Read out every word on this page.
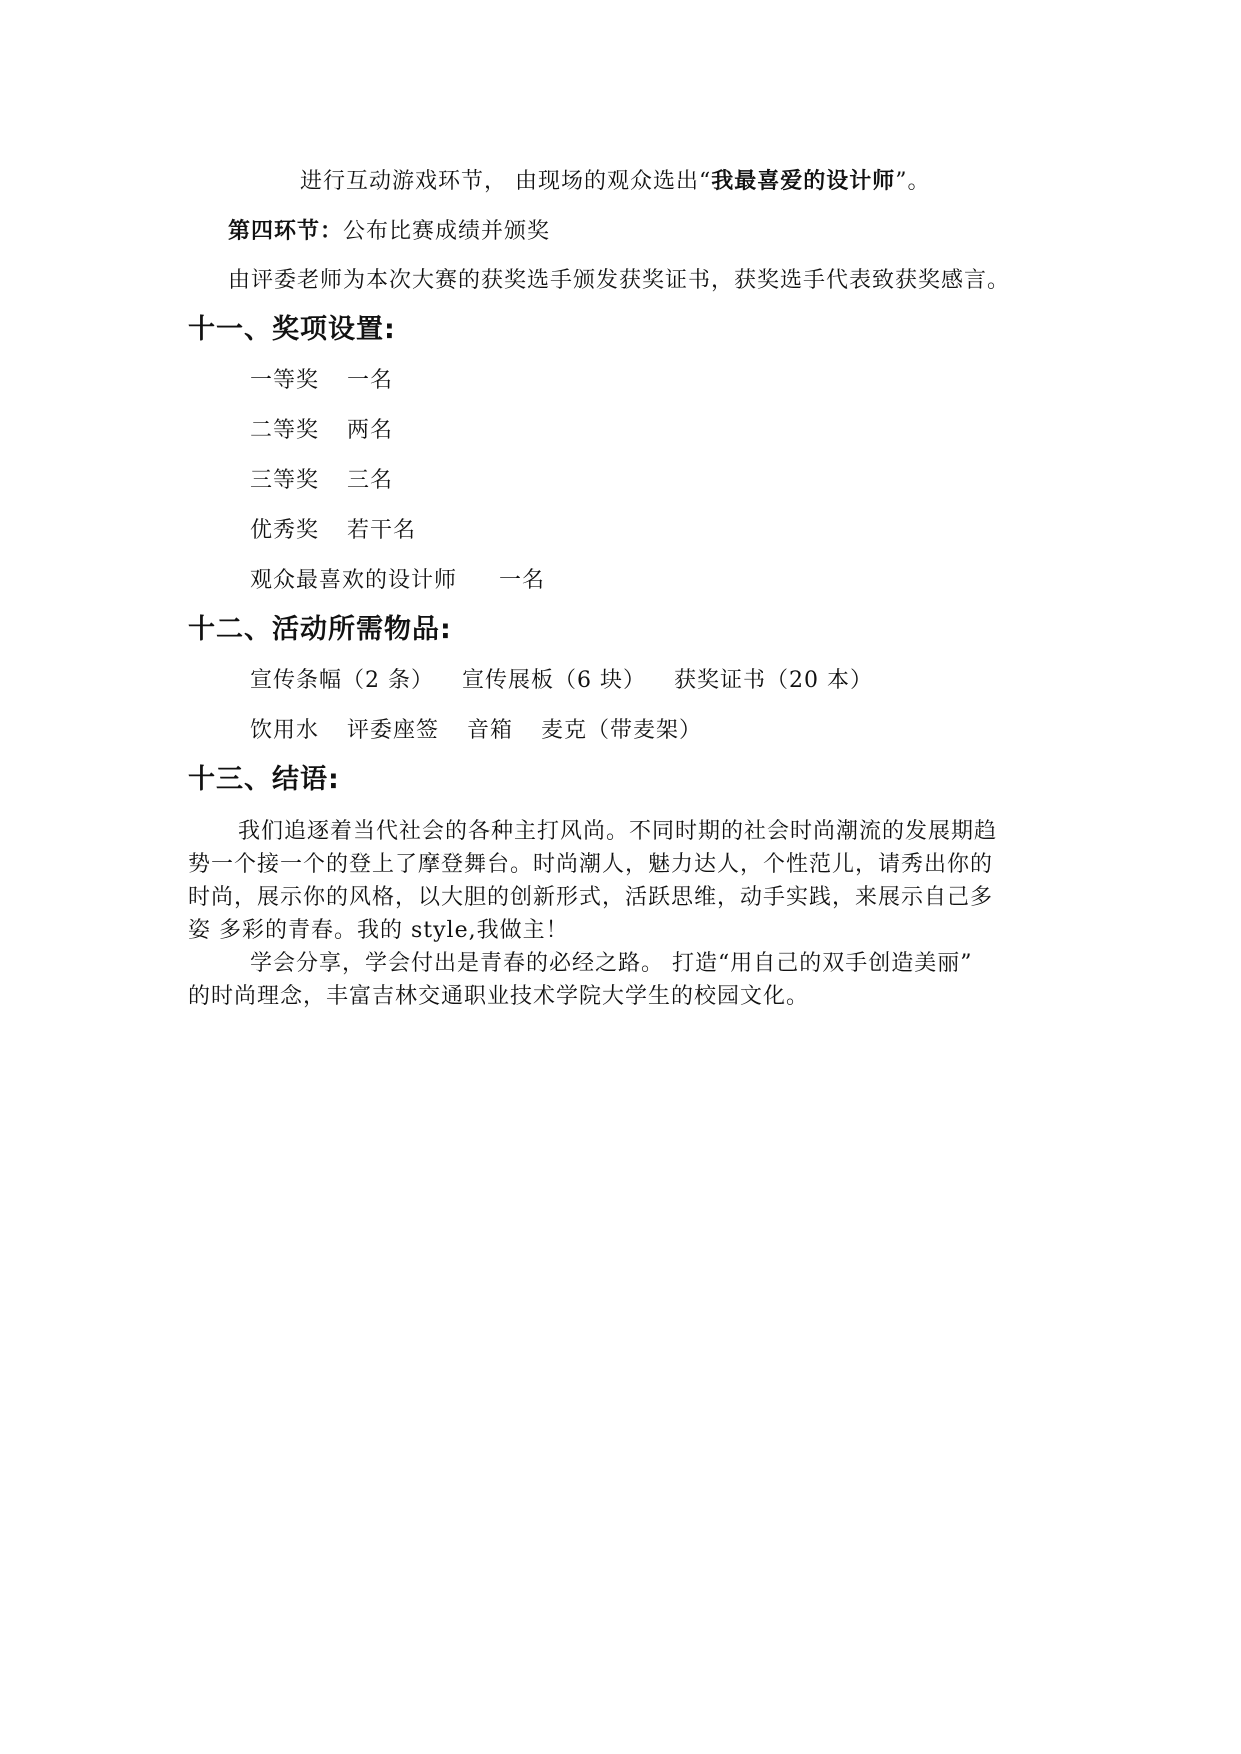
进行互动游戏环节， 由现场的观众选出“我最喜爱的设计师”。
第四环节：公布比赛成绩并颁奖
由评委老师为本次大赛的获奖选手颁发获奖证书，获奖选手代表致获奖感言。
十一、奖项设置:
一等奖 一名
二等奖 两名
三等奖 三名
优秀奖 若干名
观众最喜欢的设计师 一名
十二、活动所需物品:
宣传条幅（2 条） 宣传展板（6 块） 获奖证书（20 本）
饮用水 评委座签 音箱 麦克（带麦架）
十三、结语:
我们追逐着当代社会的各种主打风尚。不同时期的社会时尚潮流的发展期趋
势一个接一个的登上了摩登舞台。时尚潮人，魅力达人，个性范儿，请秀出你的
时尚，展示你的风格，以大胆的创新形式，活跃思维，动手实践，来展示自己多
姿 多彩的青春。我的 style,我做主！
学会分享，学会付出是青春的必经之路。 打造“用自己的双手创造美丽”
的时尚理念，丰富吉林交通职业技术学院大学生的校园文化。
